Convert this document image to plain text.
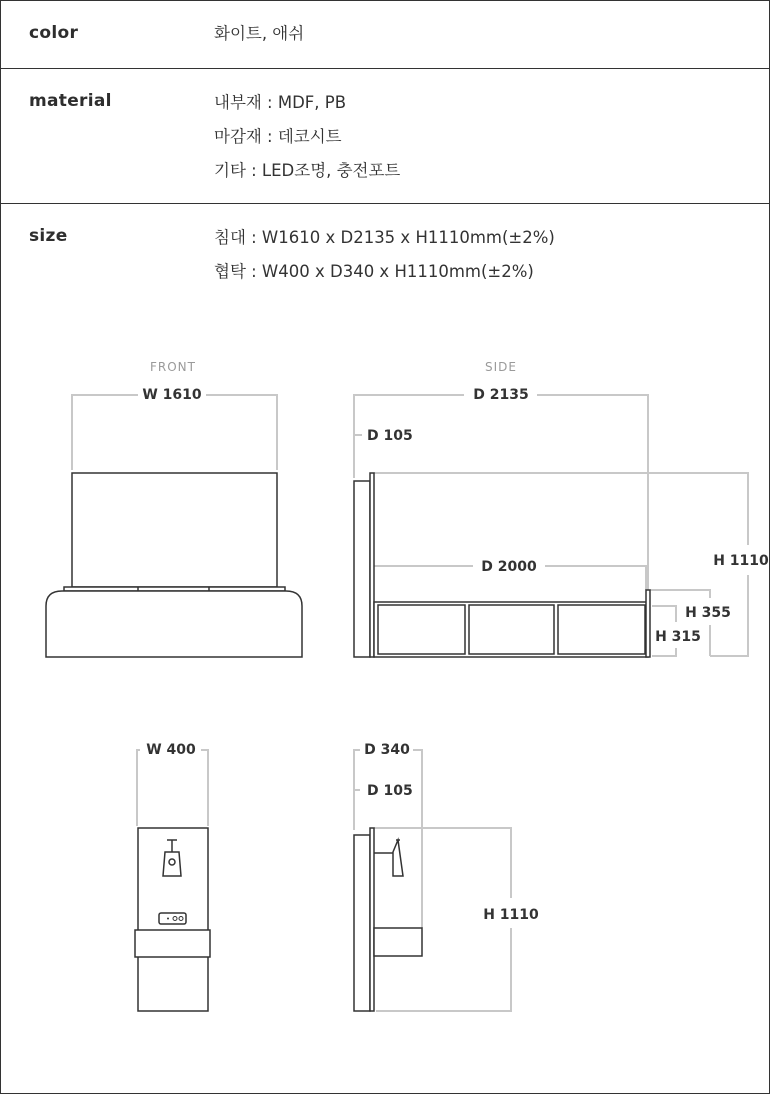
color	화이트, 애쉬
material	내부재 : MDF, PB
마감재 : 데코시트
기타 : LED조명, 충전포트
size	침대 : W1610 x D2135 x H1110mm(±2%)
협탁 : W400 x D340 x H1110mm(±2%)
FRONT	SIDE
W 1610	D 2135
D 105
D 2000	H 1110
H 355
H 315
W 400	D 340
D 105
H 1110
